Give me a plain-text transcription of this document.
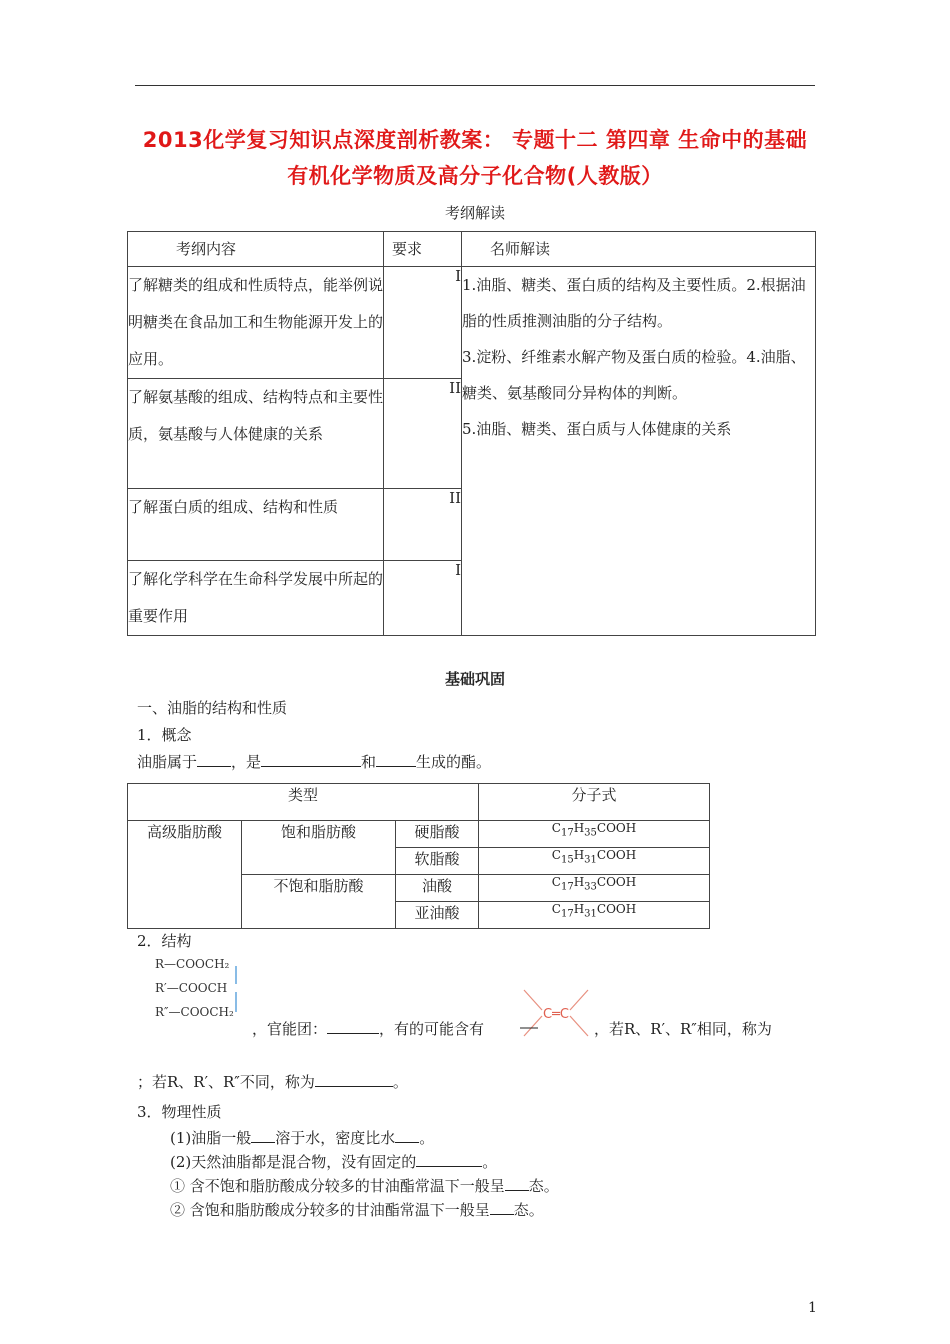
2013化学复习知识点深度剖析教案： 专题十二 第四章 生命中的基础
有机化学物质及高分子化合物(人教版）
考纲解读
考纲内容	要求	名师解读
了解糖类的组成和性质特点，能举例说明糖类在食品加工和生物能源开发上的应用。	I	1.油脂、糖类、蛋白质的结构及主要性质。2.根据油脂的性质推测油脂的分子结构。
3.淀粉、纤维素水解产物及蛋白质的检验。4.油脂、糖类、氨基酸同分异构体的判断。
5.油脂、糖类、蛋白质与人体健康的关系

了解氨基酸的组成、结构特点和主要性质，氨基酸与人体健康的关系	II	
了解蛋白质的组成、结构和性质	II	
了解化学科学在生命科学发展中所起的重要作用	I	
基础巩固
一、油脂的结构和性质
1．概念
油脂属于 ，是	和	生成的酯。
类型			分子式
高级脂肪酸	饱和脂肪酸	硬脂酸	$C_{17}H_{35}COOH$
		软脂酸	$C_{15}H_{31}COOH$
	不饱和脂肪酸	油酸	$C_{17}H_{33}COOH$
		亚油酸	$C_{17}H_{31}COOH$
2．结构
R—COOCH₂
R′—COOCH
R″—COOCH₂
，官能团：	，有的可能含有
C═C
，若R、R′、R″相同，称为
；若R、R′、R″不同，称为	。
3．物理性质
(1)油脂一般 溶于水，密度比水 。
(2)天然油脂都是混合物，没有固定的	。
① 含不饱和脂肪酸成分较多的甘油酯常温下一般呈 态。
② 含饱和脂肪酸成分较多的甘油酯常温下一般呈 态。
1
